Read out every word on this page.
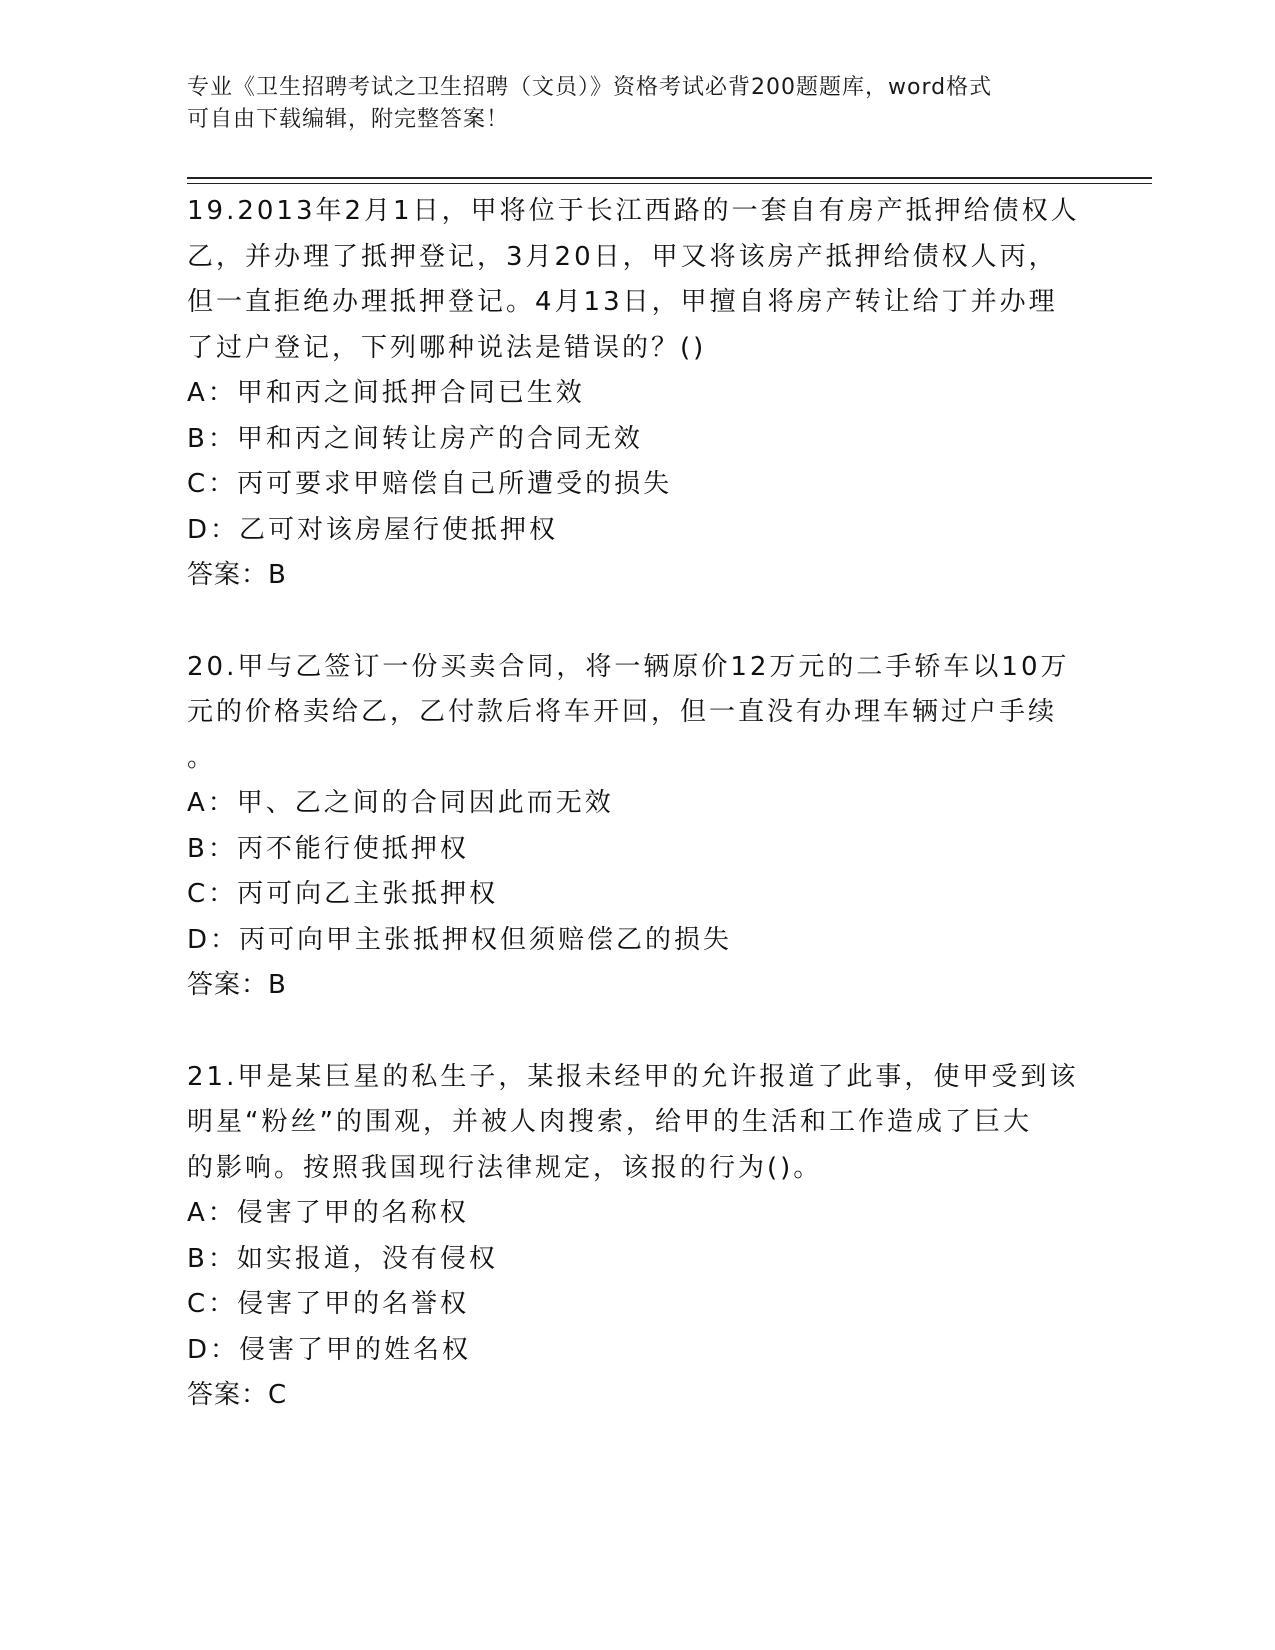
专业《卫生招聘考试之卫生招聘（文员）》资格考试必背200题题库，word格式
可自由下载编辑，附完整答案！
19.2013年2月1日，甲将位于长江西路的一套自有房产抵押给债权人
乙，并办理了抵押登记，3月20日，甲又将该房产抵押给债权人丙，
但一直拒绝办理抵押登记。4月13日，甲擅自将房产转让给丁并办理
了过户登记，下列哪种说法是错误的？()
A：甲和丙之间抵押合同已生效
B：甲和丙之间转让房产的合同无效
C：丙可要求甲赔偿自己所遭受的损失
D：乙可对该房屋行使抵押权
答案：B
20.甲与乙签订一份买卖合同，将一辆原价12万元的二手轿车以10万
元的价格卖给乙，乙付款后将车开回，但一直没有办理车辆过户手续
。
A：甲、乙之间的合同因此而无效
B：丙不能行使抵押权
C：丙可向乙主张抵押权
D：丙可向甲主张抵押权但须赔偿乙的损失
答案：B
21.甲是某巨星的私生子，某报未经甲的允许报道了此事，使甲受到该
明星“粉丝”的围观，并被人肉搜索，给甲的生活和工作造成了巨大
的影响。按照我国现行法律规定，该报的行为()。
A：侵害了甲的名称权
B：如实报道，没有侵权
C：侵害了甲的名誉权
D：侵害了甲的姓名权
答案：C
